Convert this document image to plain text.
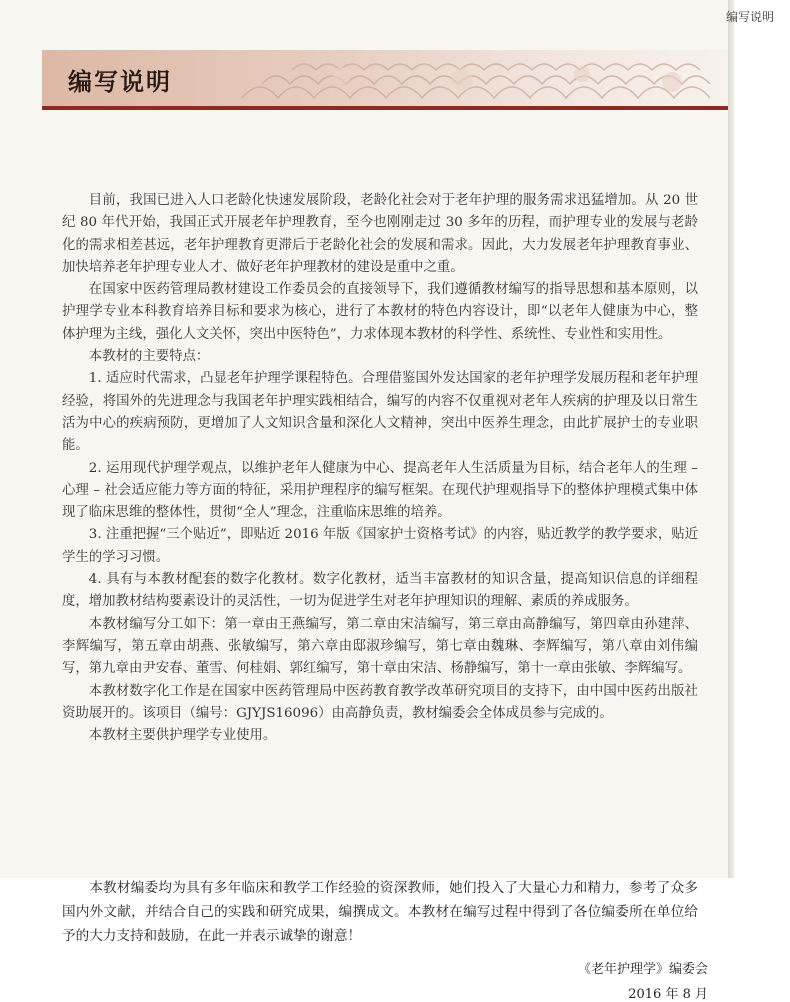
编写说明
编写说明

目前，我国已进入人口老龄化快速发展阶段，老龄化社会对于老年护理的服务需求迅猛增加。从 20 世纪 80 年代开始，我国正式开展老年护理教育，至今也刚刚走过 30 多年的历程，而护理专业的发展与老龄化的需求相差甚远，老年护理教育更滞后于老龄化社会的发展和需求。因此，大力发展老年护理教育事业、加快培养老年护理专业人才、做好老年护理教材的建设是重中之重。

在国家中医药管理局教材建设工作委员会的直接领导下，我们遵循教材编写的指导思想和基本原则，以护理学专业本科教育培养目标和要求为核心，进行了本教材的特色内容设计，即“以老年人健康为中心，整体护理为主线，强化人文关怀，突出中医特色”，力求体现本教材的科学性、系统性、专业性和实用性。

本教材的主要特点：

1. 适应时代需求，凸显老年护理学课程特色。合理借鉴国外发达国家的老年护理学发展历程和老年护理经验，将国外的先进理念与我国老年护理实践相结合，编写的内容不仅重视对老年人疾病的护理及以日常生活为中心的疾病预防，更增加了人文知识含量和深化人文精神，突出中医养生理念，由此扩展护士的专业职能。

2. 运用现代护理学观点，以维护老年人健康为中心、提高老年人生活质量为目标，结合老年人的生理 – 心理 – 社会适应能力等方面的特征，采用护理程序的编写框架。在现代护理观指导下的整体护理模式集中体现了临床思维的整体性，贯彻“全人”理念，注重临床思维的培养。

3. 注重把握“三个贴近”，即贴近 2016 年版《国家护士资格考试》的内容，贴近教学的教学要求，贴近学生的学习习惯。

4. 具有与本教材配套的数字化教材。数字化教材，适当丰富教材的知识含量，提高知识信息的详细程度，增加教材结构要素设计的灵活性，一切为促进学生对老年护理知识的理解、素质的养成服务。

本教材编写分工如下：第一章由王燕编写，第二章由宋洁编写，第三章由高静编写，第四章由孙建萍、李辉编写，第五章由胡燕、张敏编写，第六章由邸淑珍编写，第七章由魏琳、李辉编写，第八章由刘伟编写，第九章由尹安春、董雪、何桂娟、郭红编写，第十章由宋洁、杨静编写，第十一章由张敏、李辉编写。

本教材数字化工作是在国家中医药管理局中医药教育教学改革研究项目的支持下，由中国中医药出版社资助展开的。该项目（编号：GJYJS16096）由高静负责，教材编委会全体成员参与完成的。

本教材主要供护理学专业使用。

本教材编委均为具有多年临床和教学工作经验的资深教师，她们投入了大量心力和精力，参考了众多国内外文献，并结合自己的实践和研究成果，编撰成文。本教材在编写过程中得到了各位编委所在单位给予的大力支持和鼓励，在此一并表示诚挚的谢意！

《老年护理学》编委会
2016 年 8 月
